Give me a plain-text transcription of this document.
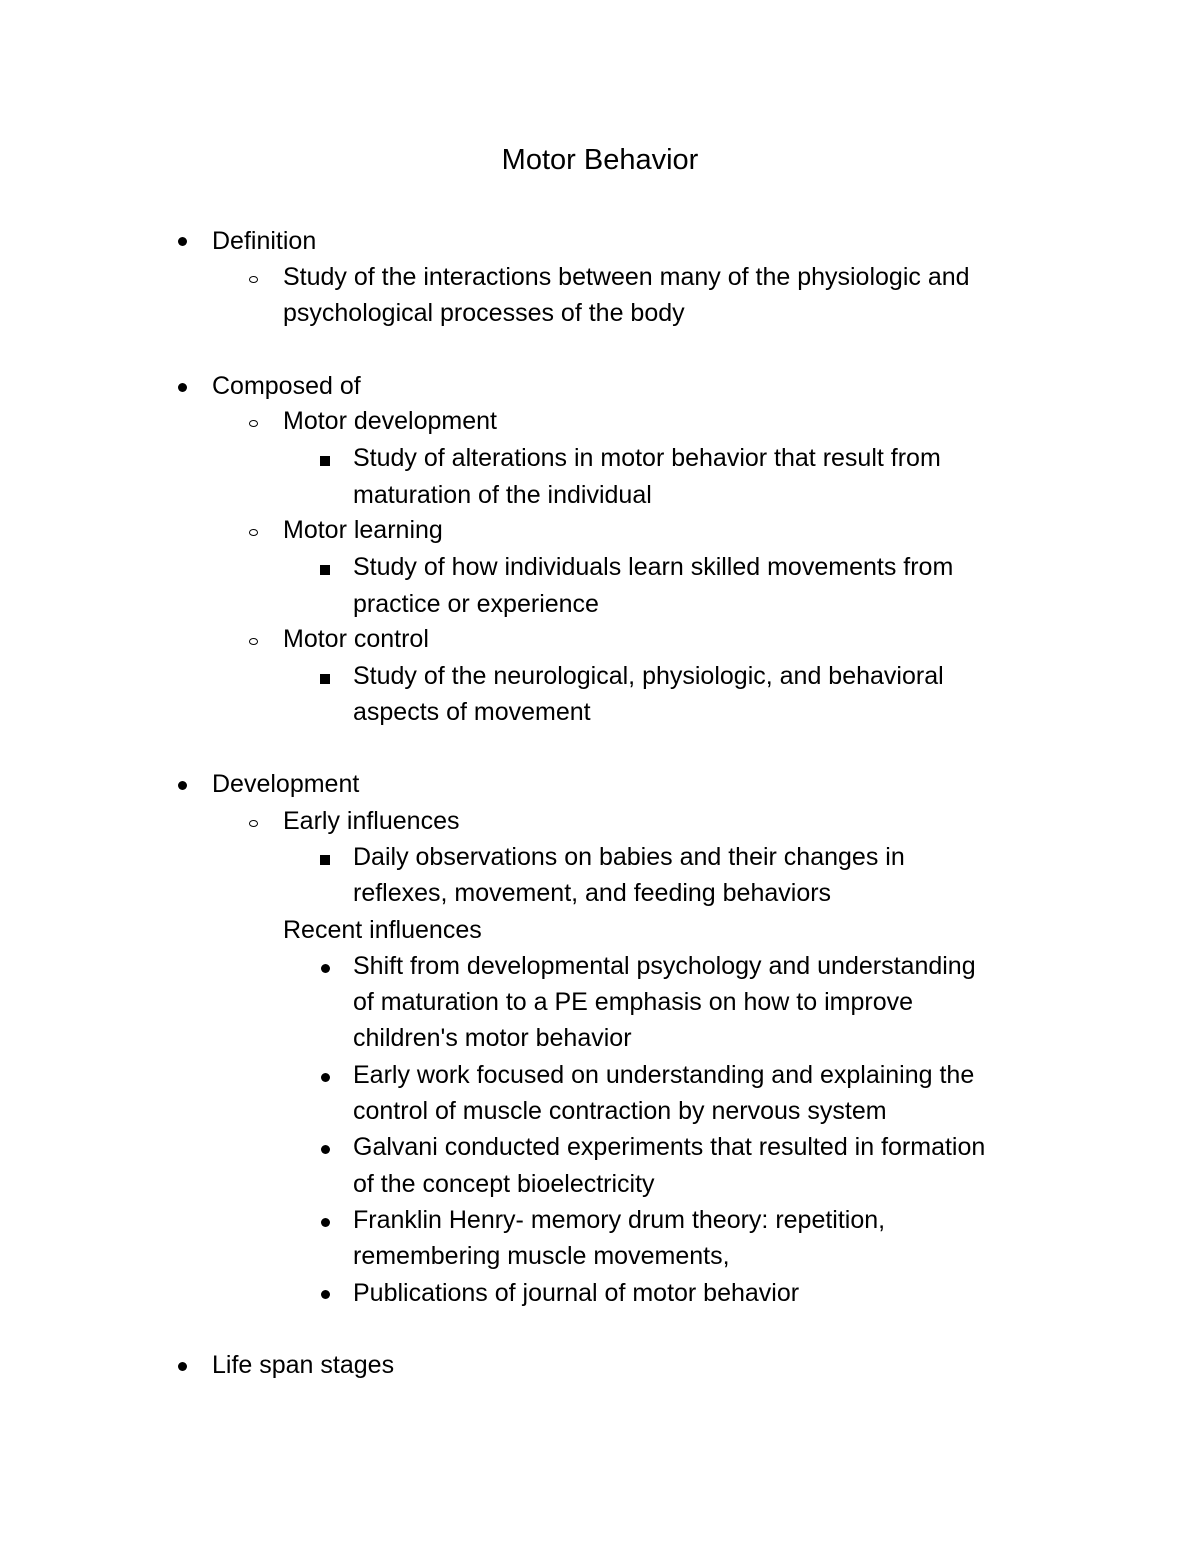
Motor Behavior
Definition
Study of the interactions between many of the physiologic and
psychological processes of the body
Composed of
Motor development
Study of alterations in motor behavior that result from
maturation of the individual
Motor learning
Study of how individuals learn skilled movements from
practice or experience
Motor control
Study of the neurological, physiologic, and behavioral
aspects of movement
Development
Early influences
Daily observations on babies and their changes in
reflexes, movement, and feeding behaviors
Recent influences
Shift from developmental psychology and understanding
of maturation to a PE emphasis on how to improve
children's motor behavior
Early work focused on understanding and explaining the
control of muscle contraction by nervous system
Galvani conducted experiments that resulted in formation
of the concept bioelectricity
Franklin Henry- memory drum theory: repetition,
remembering muscle movements,
Publications of journal of motor behavior
Life span stages
